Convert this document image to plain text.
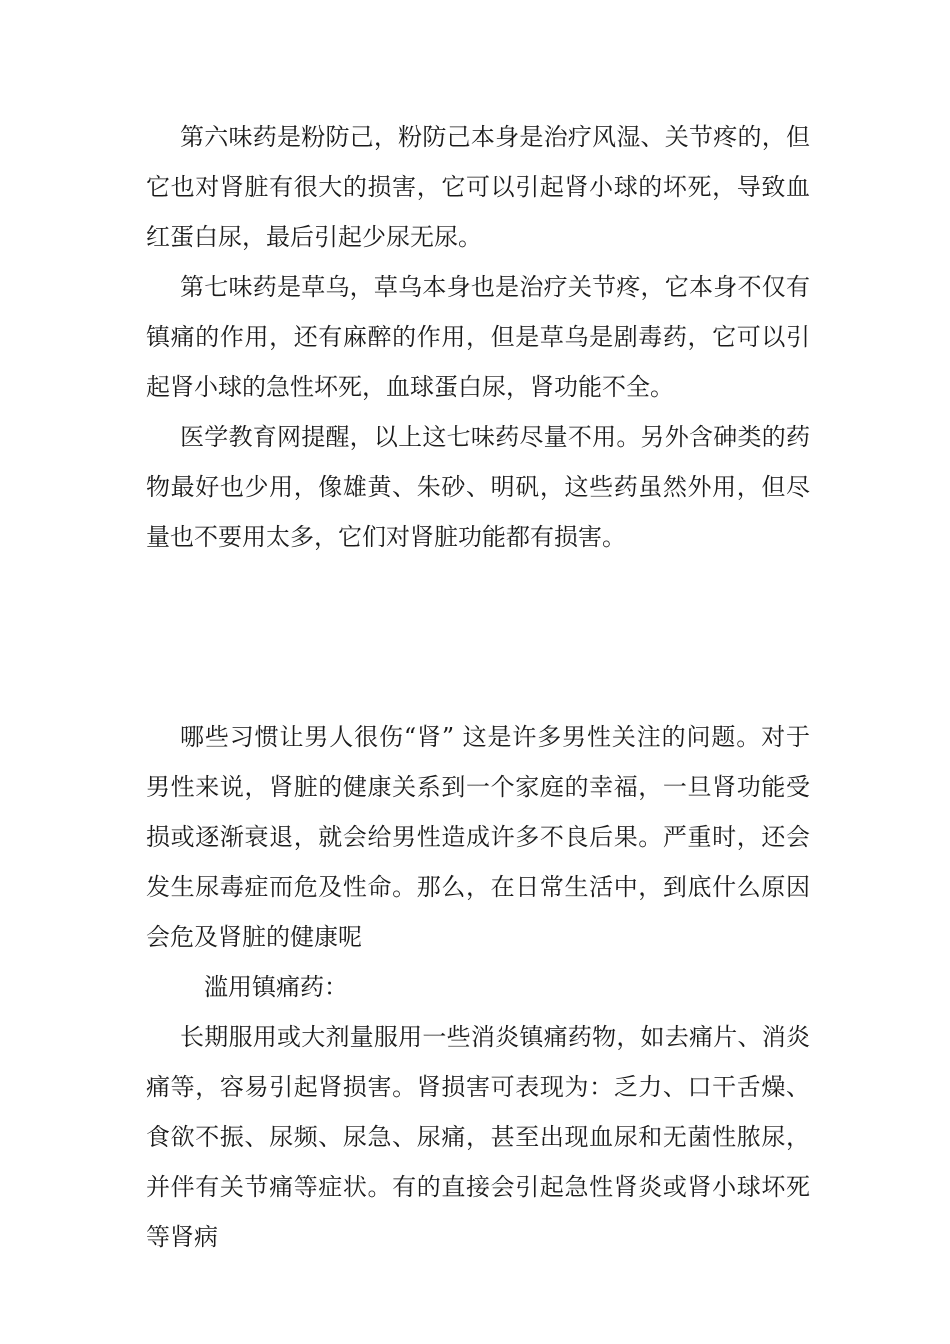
第六味药是粉防己，粉防己本身是治疗风湿、关节疼的，但它也对肾脏有很大的损害，它可以引起肾小球的坏死，导致血红蛋白尿，最后引起少尿无尿。

第七味药是草乌，草乌本身也是治疗关节疼，它本身不仅有镇痛的作用，还有麻醉的作用，但是草乌是剧毒药，它可以引起肾小球的急性坏死，血球蛋白尿，肾功能不全。

医学教育网提醒，以上这七味药尽量不用。另外含砷类的药物最好也少用，像雄黄、朱砂、明矾，这些药虽然外用，但尽量也不要用太多，它们对肾脏功能都有损害。

哪些习惯让男人很伤“肾” 这是许多男性关注的问题。对于男性来说，肾脏的健康关系到一个家庭的幸福，一旦肾功能受损或逐渐衰退，就会给男性造成许多不良后果。严重时，还会发生尿毒症而危及性命。那么，在日常生活中，到底什么原因会危及肾脏的健康呢

滥用镇痛药：

长期服用或大剂量服用一些消炎镇痛药物，如去痛片、消炎痛等，容易引起肾损害。肾损害可表现为：乏力、口干舌燥、食欲不振、尿频、尿急、尿痛，甚至出现血尿和无菌性脓尿，并伴有关节痛等症状。有的直接会引起急性肾炎或肾小球坏死等肾病
